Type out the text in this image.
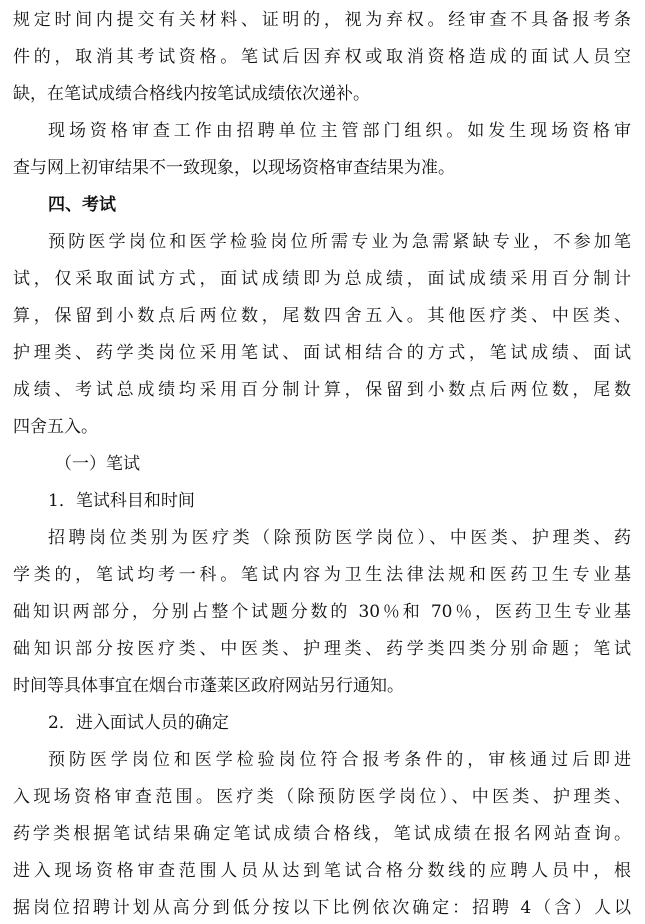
规定时间内提交有关材料、证明的，视为弃权。经审查不具备报考条
件的，取消其考试资格。笔试后因弃权或取消资格造成的面试人员空
缺，在笔试成绩合格线内按笔试成绩依次递补。
现场资格审查工作由招聘单位主管部门组织。如发生现场资格审
查与网上初审结果不一致现象，以现场资格审查结果为准。
四、考试
预防医学岗位和医学检验岗位所需专业为急需紧缺专业，不参加笔
试，仅采取面试方式，面试成绩即为总成绩，面试成绩采用百分制计
算，保留到小数点后两位数，尾数四舍五入。其他医疗类、中医类、
护理类、药学类岗位采用笔试、面试相结合的方式，笔试成绩、面试
成绩、考试总成绩均采用百分制计算，保留到小数点后两位数，尾数
四舍五入。
（一）笔试
1．笔试科目和时间
招聘岗位类别为医疗类（除预防医学岗位）、中医类、护理类、药
学类的，笔试均考一科。笔试内容为卫生法律法规和医药卫生专业基
础知识两部分，分别占整个试题分数的 30％和 70％，医药卫生专业基
础知识部分按医疗类、中医类、护理类、药学类四类分别命题；笔试
时间等具体事宜在烟台市蓬莱区政府网站另行通知。
2．进入面试人员的确定
预防医学岗位和医学检验岗位符合报考条件的，审核通过后即进
入现场资格审查范围。医疗类（除预防医学岗位）、中医类、护理类、
药学类根据笔试结果确定笔试成绩合格线，笔试成绩在报名网站查询。
进入现场资格审查范围人员从达到笔试合格分数线的应聘人员中，根
据岗位招聘计划从高分到低分按以下比例依次确定：招聘 4（含）人以
